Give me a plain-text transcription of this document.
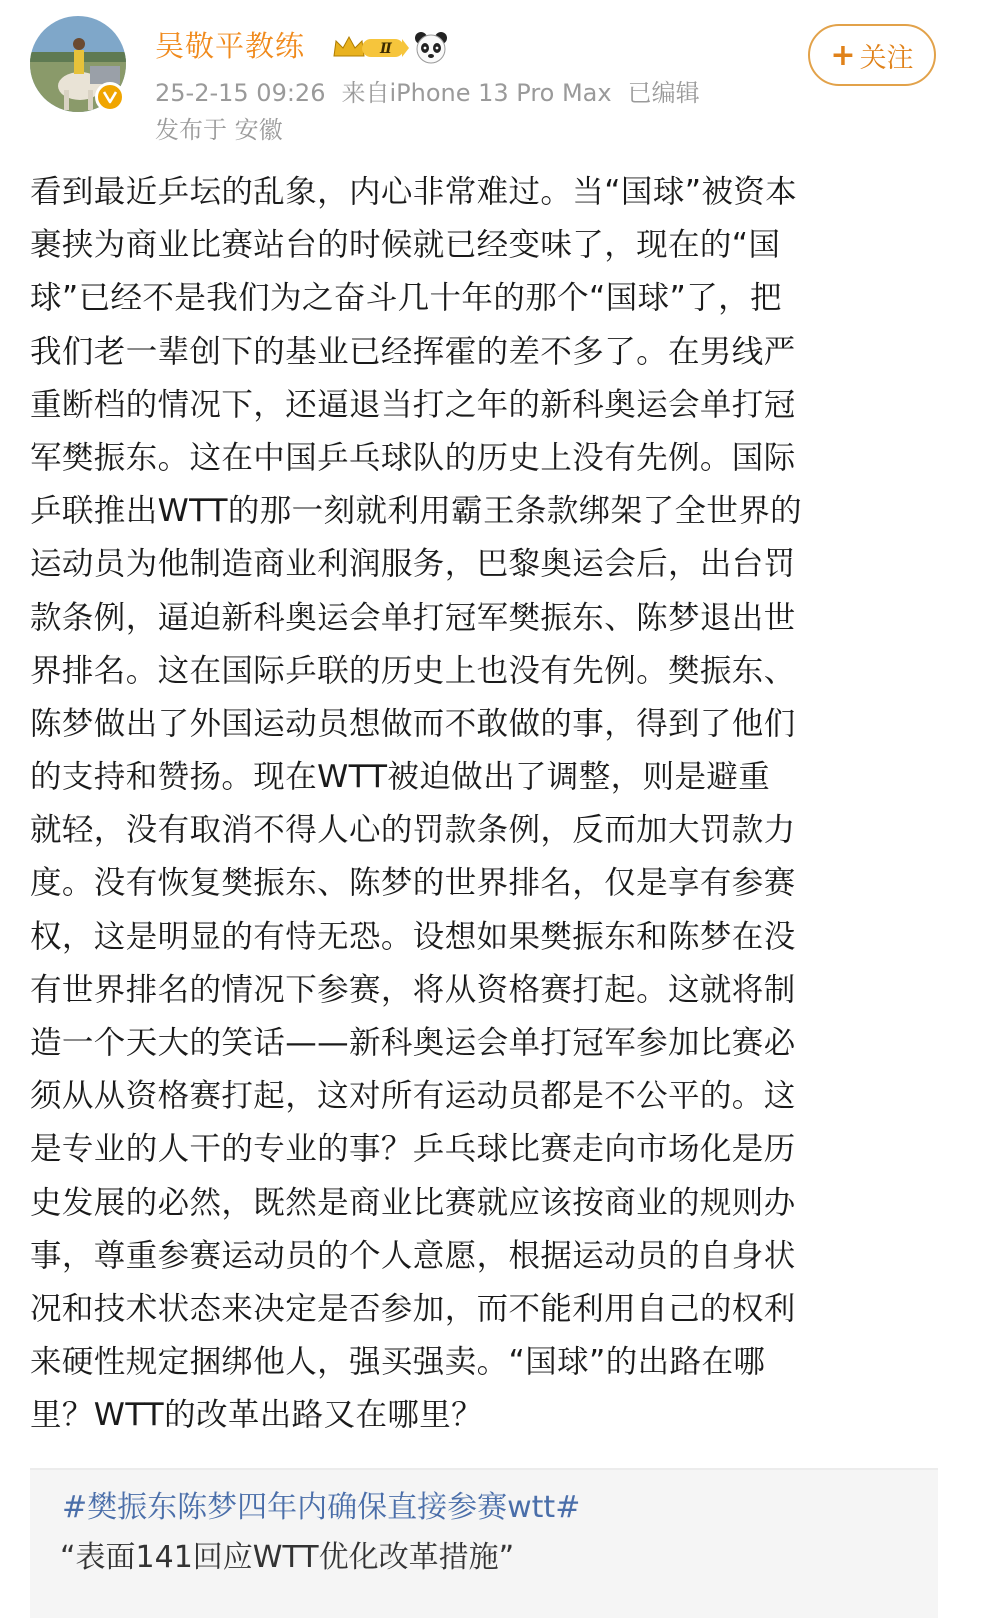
吴敬平教练	Ⅱ
25-2-15 09:26 来自iPhone 13 Pro Max 已编辑
发布于 安徽
+ 关注
看到最近乒坛的乱象，内心非常难过。当“国球”被资本
裹挟为商业比赛站台的时候就已经变味了，现在的“国
球”已经不是我们为之奋斗几十年的那个“国球”了，把
我们老一辈创下的基业已经挥霍的差不多了。在男线严
重断档的情况下，还逼退当打之年的新科奥运会单打冠
军樊振东。这在中国乒乓球队的历史上没有先例。国际
乒联推出WTT的那一刻就利用霸王条款绑架了全世界的
运动员为他制造商业利润服务，巴黎奥运会后，出台罚
款条例，逼迫新科奥运会单打冠军樊振东、陈梦退出世
界排名。这在国际乒联的历史上也没有先例。樊振东、
陈梦做出了外国运动员想做而不敢做的事，得到了他们
的支持和赞扬。现在WTT被迫做出了调整，则是避重
就轻，没有取消不得人心的罚款条例，反而加大罚款力
度。没有恢复樊振东、陈梦的世界排名，仅是享有参赛
权，这是明显的有恃无恐。设想如果樊振东和陈梦在没
有世界排名的情况下参赛，将从资格赛打起。这就将制
造一个天大的笑话——新科奥运会单打冠军参加比赛必
须从从资格赛打起，这对所有运动员都是不公平的。这
是专业的人干的专业的事？乒乓球比赛走向市场化是历
史发展的必然，既然是商业比赛就应该按商业的规则办
事，尊重参赛运动员的个人意愿，根据运动员的自身状
况和技术状态来决定是否参加，而不能利用自己的权利
来硬性规定捆绑他人，强买强卖。“国球”的出路在哪
里？WTT的改革出路又在哪里？
#樊振东陈梦四年内确保直接参赛wtt#
“表面141回应WTT优化改革措施”
